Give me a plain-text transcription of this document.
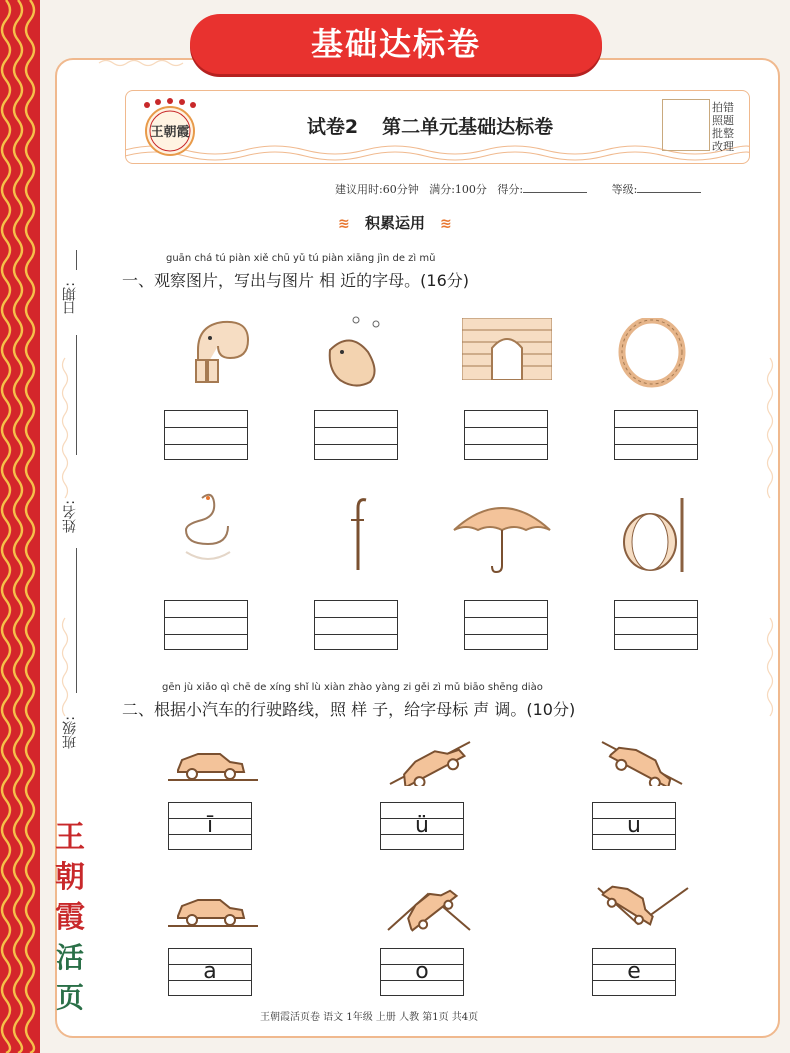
基础达标卷
日期:
姓名:
班级:
王
朝
霞
活
页
王朝霞	试卷2 第二单元基础达标卷
拍错
照题
批整
改理
建议用时:60分钟 满分:100分 得分:	等级:
≋ 积累运用 ≋
guān chá tú piàn xiě chū yǔ tú piàn xiāng jìn de zì mǔ
一、观察图片，写出与图片 相 近的字母。(16分)
gēn jù xiǎo qì chē de xíng shǐ lù xiàn zhào yàng zi gěi zì mǔ biāo shēng diào
二、根据小汽车的行驶路线，照 样 子，给字母标 声 调。(10分)
ī	ü	u
a	o	e
王朝霞活页卷 语文 1年级 上册 人教 第1页 共4页
